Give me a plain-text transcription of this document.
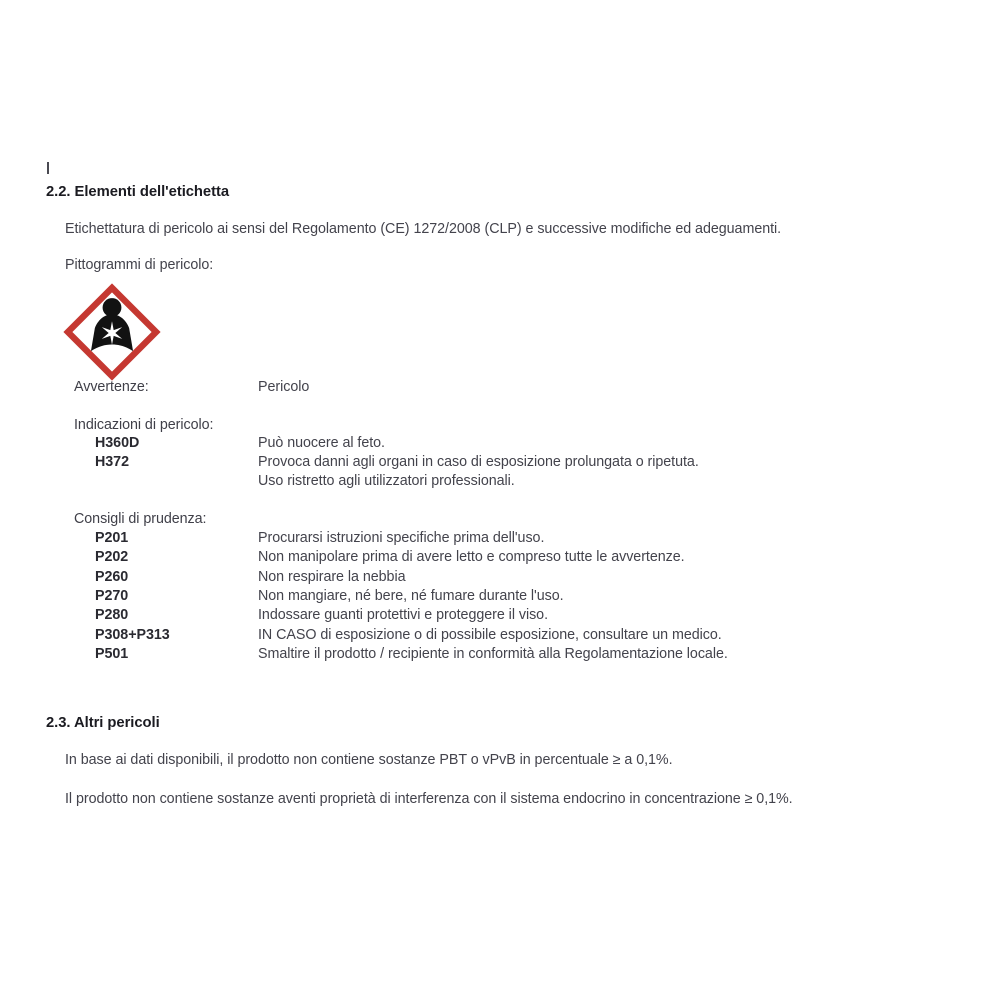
2.2. Elementi dell'etichetta
Etichettatura di pericolo ai sensi del Regolamento (CE) 1272/2008 (CLP) e successive modifiche ed adeguamenti.
Pittogrammi di pericolo:
Avvertenze:	Pericolo
Indicazioni di pericolo:
H360D	Può nuocere al feto.
H372	Provoca danni agli organi in caso di esposizione prolungata o ripetuta.
Uso ristretto agli utilizzatori professionali.
Consigli di prudenza:
P201	Procurarsi istruzioni specifiche prima dell'uso.
P202	Non manipolare prima di avere letto e compreso tutte le avvertenze.
P260	Non respirare la nebbia
P270	Non mangiare, né bere, né fumare durante l'uso.
P280	Indossare guanti protettivi e proteggere il viso.
P308+P313	IN CASO di esposizione o di possibile esposizione, consultare un medico.
P501	Smaltire il prodotto / recipiente in conformità alla Regolamentazione locale.
2.3. Altri pericoli
In base ai dati disponibili, il prodotto non contiene sostanze PBT o vPvB in percentuale ≥ a 0,1%.
Il prodotto non contiene sostanze aventi proprietà di interferenza con il sistema endocrino in concentrazione ≥ 0,1%.
